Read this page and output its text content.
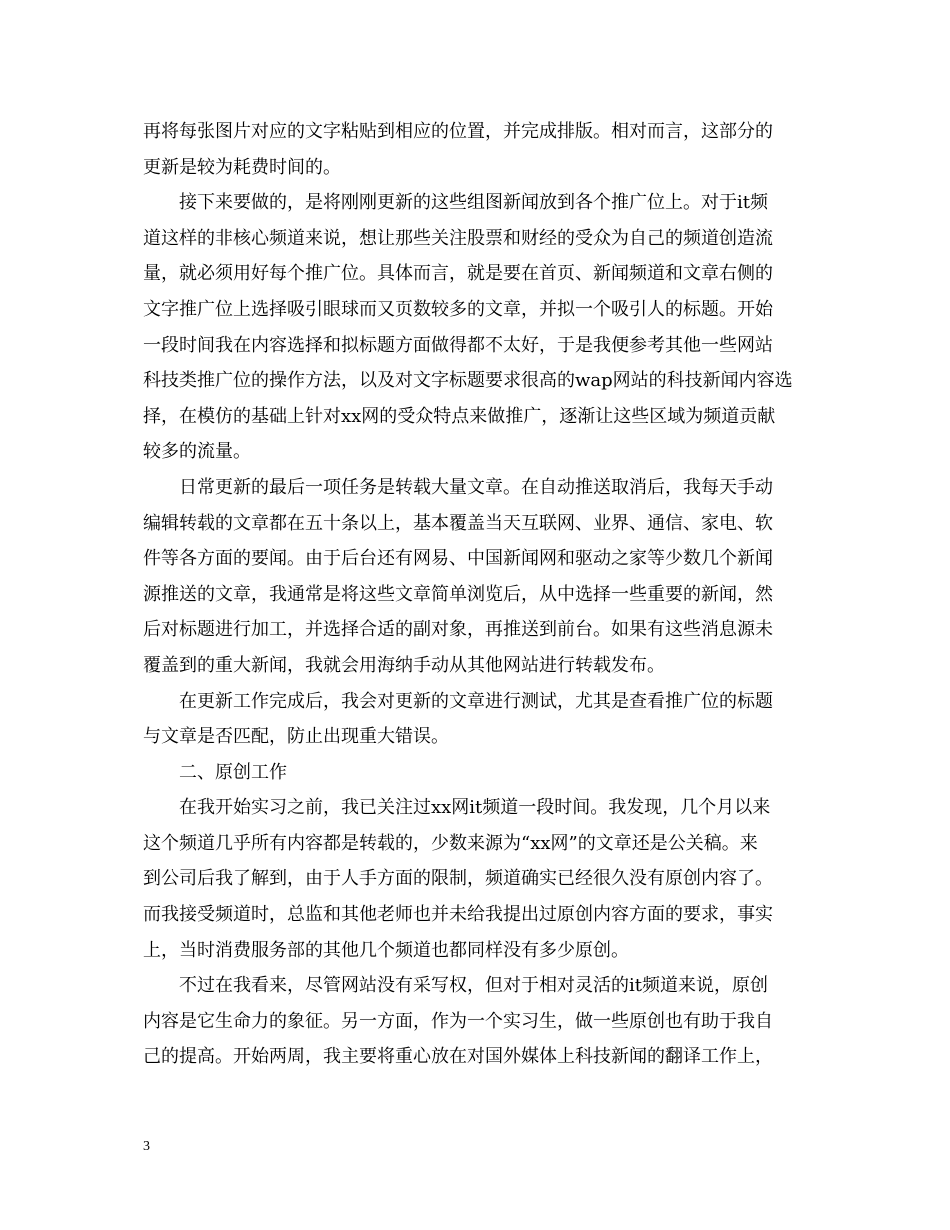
再将每张图片对应的文字粘贴到相应的位置，并完成排版。相对而言，这部分的
更新是较为耗费时间的。
接下来要做的，是将刚刚更新的这些组图新闻放到各个推广位上。对于it频
道这样的非核心频道来说，想让那些关注股票和财经的受众为自己的频道创造流
量，就必须用好每个推广位。具体而言，就是要在首页、新闻频道和文章右侧的
文字推广位上选择吸引眼球而又页数较多的文章，并拟一个吸引人的标题。开始
一段时间我在内容选择和拟标题方面做得都不太好，于是我便参考其他一些网站
科技类推广位的操作方法，以及对文字标题要求很高的wap网站的科技新闻内容选
择，在模仿的基础上针对xx网的受众特点来做推广，逐渐让这些区域为频道贡献
较多的流量。
日常更新的最后一项任务是转载大量文章。在自动推送取消后，我每天手动
编辑转载的文章都在五十条以上，基本覆盖当天互联网、业界、通信、家电、软
件等各方面的要闻。由于后台还有网易、中国新闻网和驱动之家等少数几个新闻
源推送的文章，我通常是将这些文章简单浏览后，从中选择一些重要的新闻，然
后对标题进行加工，并选择合适的副对象，再推送到前台。如果有这些消息源未
覆盖到的重大新闻，我就会用海纳手动从其他网站进行转载发布。
在更新工作完成后，我会对更新的文章进行测试，尤其是查看推广位的标题
与文章是否匹配，防止出现重大错误。
二、原创工作
在我开始实习之前，我已关注过xx网it频道一段时间。我发现，几个月以来
这个频道几乎所有内容都是转载的，少数来源为“xx网”的文章还是公关稿。来
到公司后我了解到，由于人手方面的限制，频道确实已经很久没有原创内容了。
而我接受频道时，总监和其他老师也并未给我提出过原创内容方面的要求，事实
上，当时消费服务部的其他几个频道也都同样没有多少原创。
不过在我看来，尽管网站没有采写权，但对于相对灵活的it频道来说，原创
内容是它生命力的象征。另一方面，作为一个实习生，做一些原创也有助于我自
己的提高。开始两周，我主要将重心放在对国外媒体上科技新闻的翻译工作上，
3
